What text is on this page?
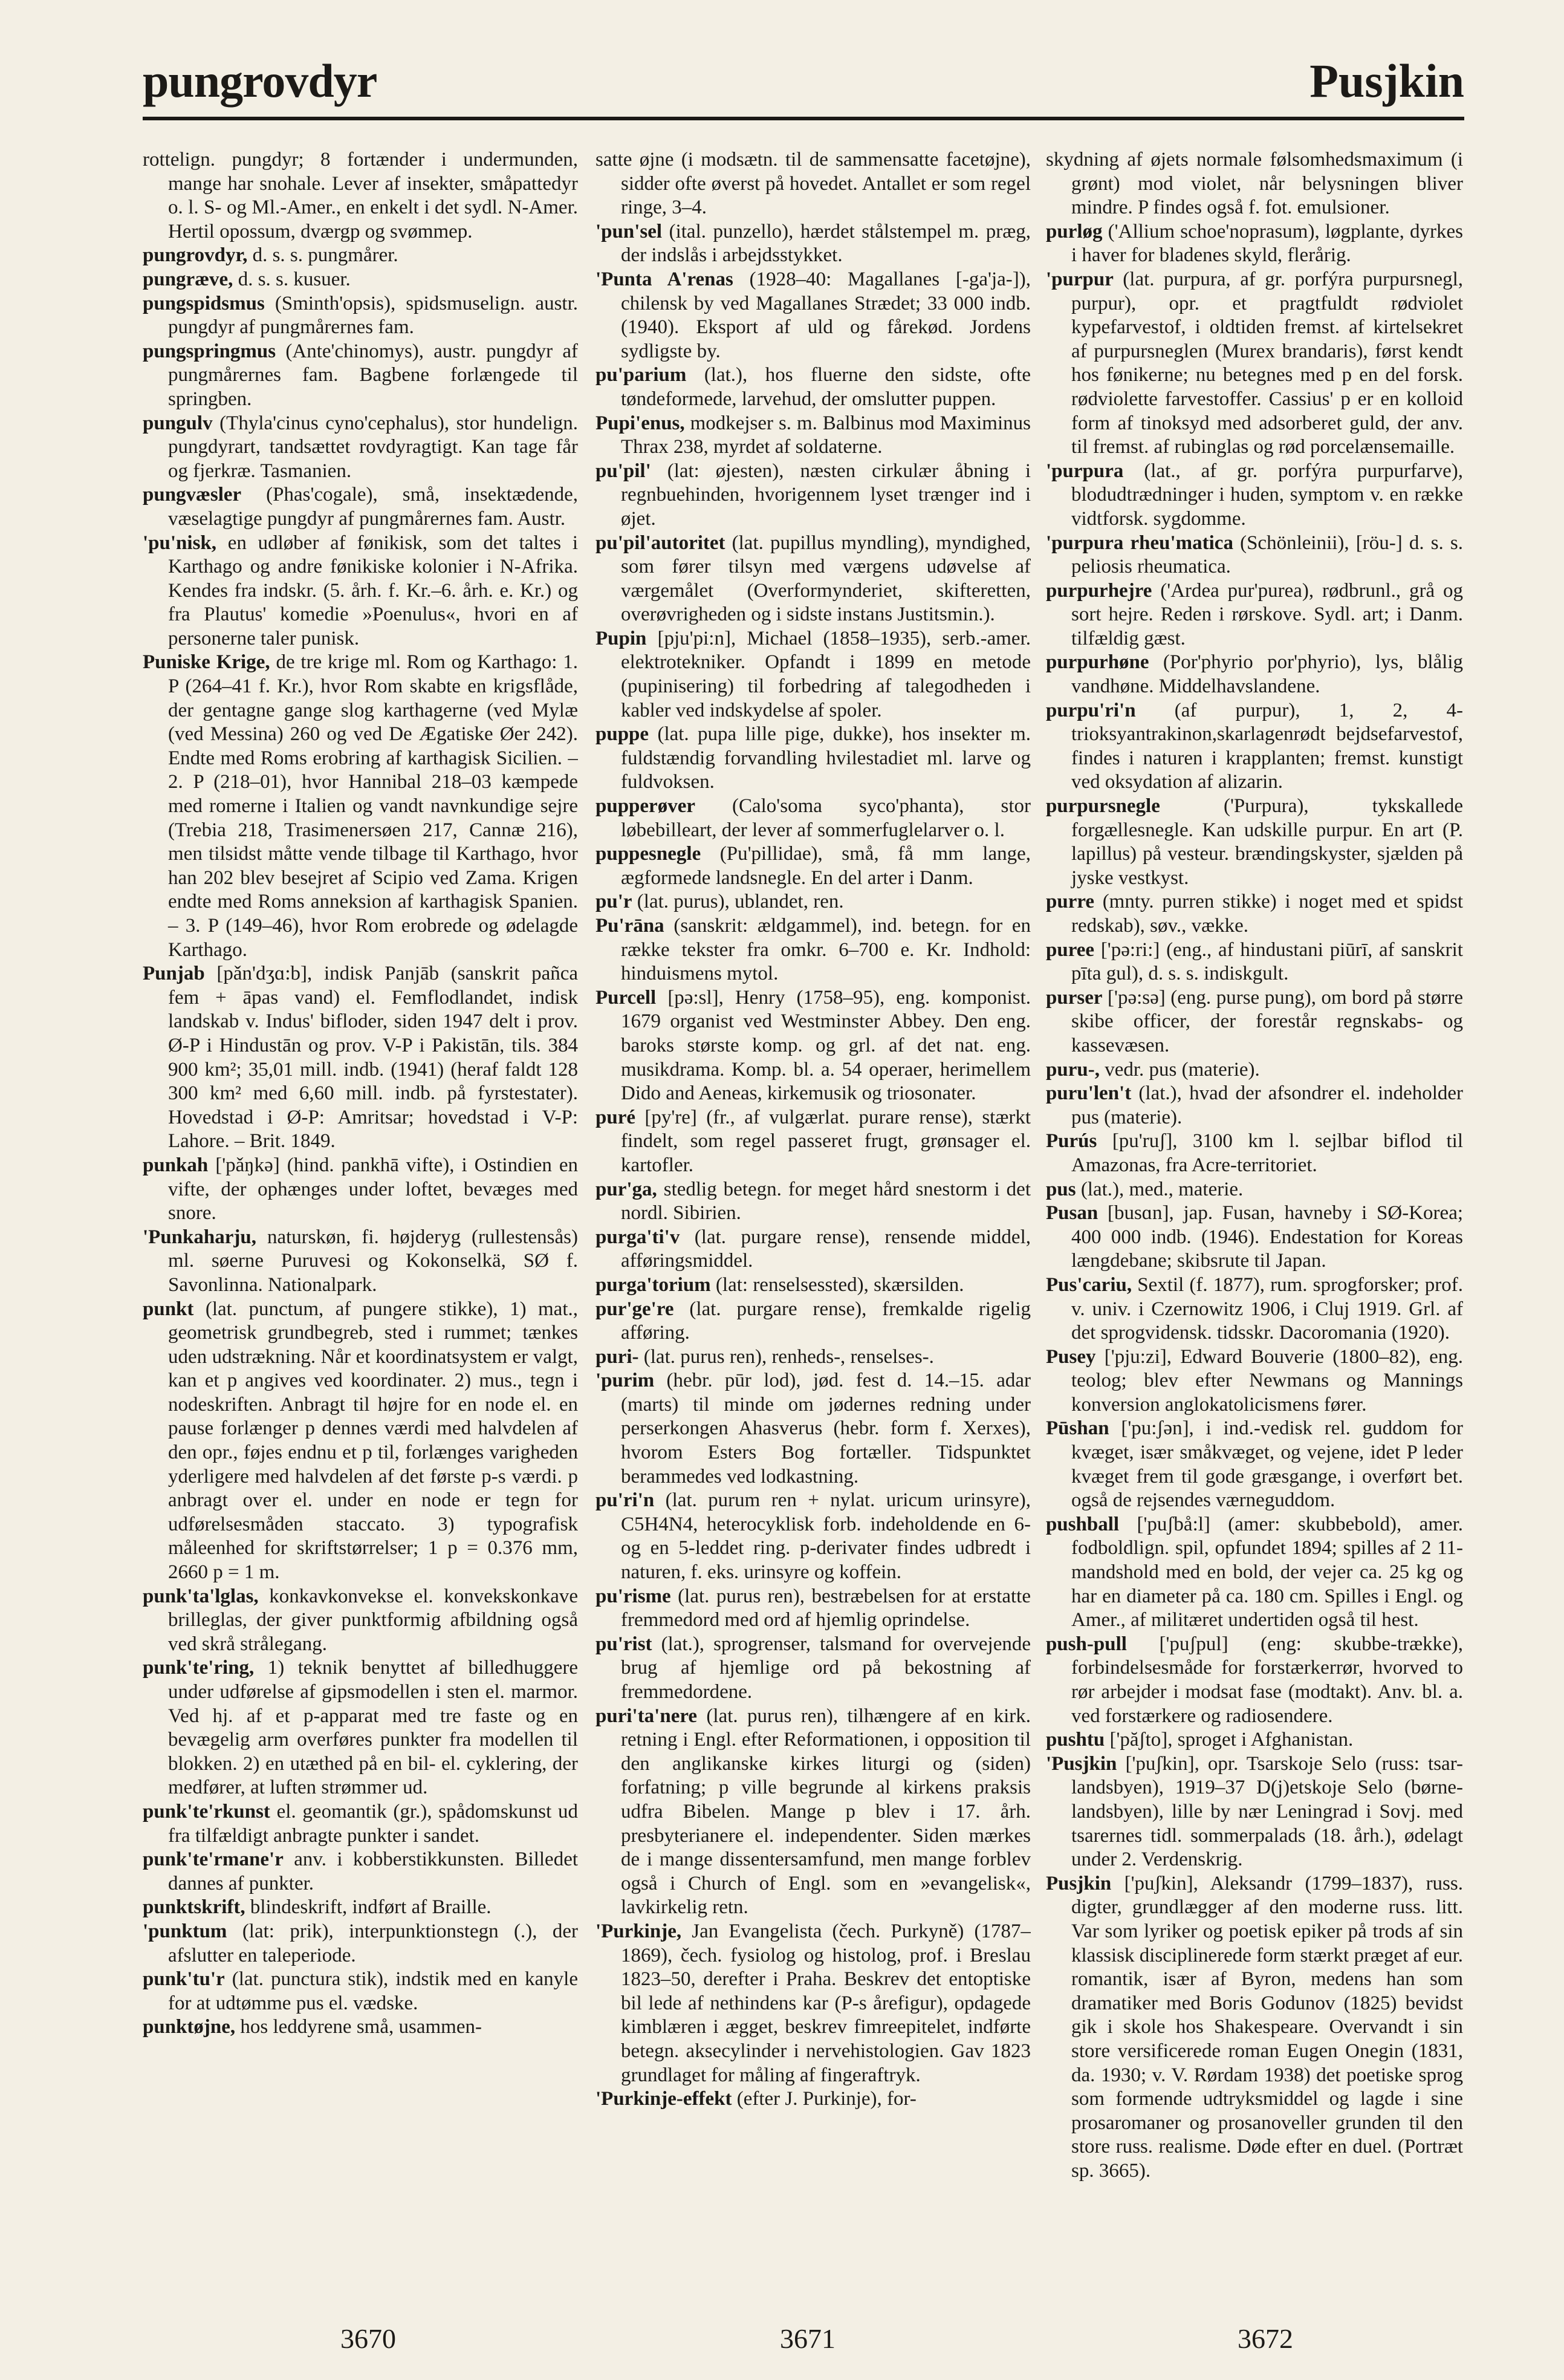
pungrovdyr	Pusjkin

rottelign. pungdyr; 8 fortænder i undermunden, mange har snohale. Lever af insekter, småpattedyr o. l. S- og Ml.-Amer., en enkelt i det sydl. N-Amer. Hertil opossum, dværgp og svømmep.

pungrovdyr, d. s. s. pungmårer.

pungræve, d. s. s. kusuer.

pungspidsmus (Sminth'opsis), spidsmuselign. austr. pungdyr af pungmårernes fam.

pungspringmus (Ante'chinomys), austr. pungdyr af pungmårernes fam. Bagbene forlængede til springben.

pungulv (Thyla'cinus cyno'cephalus), stor hundelign. pungdyrart, tandsættet rovdyragtigt. Kan tage får og fjerkræ. Tasmanien.

pungvæsler (Phas'cogale), små, insektædende, væselagtige pungdyr af pungmårernes fam. Austr.

'pu'nisk, en udløber af fønikisk, som det taltes i Karthago og andre fønikiske kolonier i N-Afrika. Kendes fra indskr. (5. årh. f. Kr.–6. årh. e. Kr.) og fra Plautus' komedie »Poenulus«, hvori en af personerne taler punisk.

Puniske Krige, de tre krige ml. Rom og Karthago: 1. P (264–41 f. Kr.), hvor Rom skabte en krigsflåde, der gentagne gange slog karthagerne (ved Mylæ (ved Messina) 260 og ved De Ægatiske Øer 242). Endte med Roms erobring af karthagisk Sicilien. – 2. P (218–01), hvor Hannibal 218–03 kæmpede med romerne i Italien og vandt navnkundige sejre (Trebia 218, Trasimenersøen 217, Cannæ 216), men tilsidst måtte vende tilbage til Karthago, hvor han 202 blev besejret af Scipio ved Zama. Krigen endte med Roms anneksion af karthagisk Spanien. – 3. P (149–46), hvor Rom erobrede og ødelagde Karthago.

Punjab [pǎn'dʒɑ:b], indisk Panjāb (sanskrit pañca fem + āpas vand) el. Femflodlandet, indisk landskab v. Indus' bifloder, siden 1947 delt i prov. Ø-P i Hindustān og prov. V-P i Pakistān, tils. 384 900 km²; 35,01 mill. indb. (1941) (heraf faldt 128 300 km² med 6,60 mill. indb. på fyrstestater). Hovedstad i Ø-P: Amritsar; hovedstad i V-P: Lahore. – Brit. 1849.

punkah ['pǎŋkə] (hind. pankhā vifte), i Ostindien en vifte, der ophænges under loftet, bevæges med snore.

'Punkaharju, naturskøn, fi. højderyg (rullestensås) ml. søerne Puruvesi og Kokonselkä, SØ f. Savonlinna. Nationalpark.

punkt (lat. punctum, af pungere stikke), 1) mat., geometrisk grundbegreb, sted i rummet; tænkes uden udstrækning. Når et koordinatsystem er valgt, kan et p angives ved koordinater. 2) mus., tegn i nodeskriften. Anbragt til højre for en node el. en pause forlænger p dennes værdi med halvdelen af den opr., føjes endnu et p til, forlænges varigheden yderligere med halvdelen af det første p-s værdi. p anbragt over el. under en node er tegn for udførelsesmåden staccato. 3) typografisk måleenhed for skriftstørrelser; 1 p = 0.376 mm, 2660 p = 1 m.

punk'ta'lglas, konkavkonvekse el. konvekskonkave brilleglas, der giver punktformig afbildning også ved skrå strålegang.

punk'te'ring, 1) teknik benyttet af billedhuggere under udførelse af gipsmodellen i sten el. marmor. Ved hj. af et p-apparat med tre faste og en bevægelig arm overføres punkter fra modellen til blokken. 2) en utæthed på en bil- el. cyklering, der medfører, at luften strømmer ud.

punk'te'rkunst el. geomantik (gr.), spådomskunst ud fra tilfældigt anbragte punkter i sandet.

punk'te'rmane'r anv. i kobberstikkunsten. Billedet dannes af punkter.

punktskrift, blindeskrift, indført af Braille.

'punktum (lat: prik), interpunktionstegn (.), der afslutter en taleperiode.

punk'tu'r (lat. punctura stik), indstik med en kanyle for at udtømme pus el. vædske.

punktøjne, hos leddyrene små, usammen-

satte øjne (i modsætn. til de sammensatte facetøjne), sidder ofte øverst på hovedet. Antallet er som regel ringe, 3–4.

'pun'sel (ital. punzello), hærdet stålstempel m. præg, der indslås i arbejdsstykket.

'Punta A'renas (1928–40: Magallanes [-ga'ja-]), chilensk by ved Magallanes Strædet; 33 000 indb. (1940). Eksport af uld og fårekød. Jordens sydligste by.

pu'parium (lat.), hos fluerne den sidste, ofte tøndeformede, larvehud, der omslutter puppen.

Pupi'enus, modkejser s. m. Balbinus mod Maximinus Thrax 238, myrdet af soldaterne.

pu'pil' (lat: øjesten), næsten cirkulær åbning i regnbuehinden, hvorigennem lyset trænger ind i øjet.

pu'pil'autoritet (lat. pupillus myndling), myndighed, som fører tilsyn med værgens udøvelse af værgemålet (Overformynderiet, skifteretten, overøvrigheden og i sidste instans Justitsmin.).

Pupin [pju'pi:n], Michael (1858–1935), serb.-amer. elektrotekniker. Opfandt i 1899 en metode (pupinisering) til forbedring af talegodheden i kabler ved indskydelse af spoler.

puppe (lat. pupa lille pige, dukke), hos insekter m. fuldstændig forvandling hvilestadiet ml. larve og fuldvoksen.

pupperøver (Calo'soma syco'phanta), stor løbebilleart, der lever af sommerfuglelarver o. l.

puppesnegle (Pu'pillidae), små, få mm lange, ægformede landsnegle. En del arter i Danm.

pu'r (lat. purus), ublandet, ren.

Pu'rāna (sanskrit: ældgammel), ind. betegn. for en række tekster fra omkr. 6–700 e. Kr. Indhold: hinduismens mytol.

Purcell [pə:sl], Henry (1758–95), eng. komponist. 1679 organist ved Westminster Abbey. Den eng. baroks største komp. og grl. af det nat. eng. musikdrama. Komp. bl. a. 54 operaer, herimellem Dido and Aeneas, kirkemusik og triosonater.

puré [py're] (fr., af vulgærlat. purare rense), stærkt findelt, som regel passeret frugt, grønsager el. kartofler.

pur'ga, stedlig betegn. for meget hård snestorm i det nordl. Sibirien.

purga'ti'v (lat. purgare rense), rensende middel, afføringsmiddel.

purga'torium (lat: renselsessted), skærsilden.

pur'ge're (lat. purgare rense), fremkalde rigelig afføring.

puri- (lat. purus ren), renheds-, renselses-.

'purim (hebr. pūr lod), jød. fest d. 14.–15. adar (marts) til minde om jødernes redning under perserkongen Ahasverus (hebr. form f. Xerxes), hvorom Esters Bog fortæller. Tidspunktet berammedes ved lodkastning.

pu'ri'n (lat. purum ren + nylat. uricum urinsyre), C5H4N4, heterocyklisk forb. indeholdende en 6- og en 5-leddet ring. p-derivater findes udbredt i naturen, f. eks. urinsyre og koffein.

pu'risme (lat. purus ren), bestræbelsen for at erstatte fremmedord med ord af hjemlig oprindelse.

pu'rist (lat.), sprogrenser, talsmand for overvejende brug af hjemlige ord på bekostning af fremmedordene.

puri'ta'nere (lat. purus ren), tilhængere af en kirk. retning i Engl. efter Reformationen, i opposition til den anglikanske kirkes liturgi og (siden) forfatning; p ville begrunde al kirkens praksis udfra Bibelen. Mange p blev i 17. årh. presbyterianere el. independenter. Siden mærkes de i mange dissentersamfund, men mange forblev også i Church of Engl. som en »evangelisk«, lavkirkelig retn.

'Purkinje, Jan Evangelista (čech. Purkyně) (1787–1869), čech. fysiolog og histolog, prof. i Breslau 1823–50, derefter i Praha. Beskrev det entoptiske bil lede af nethindens kar (P-s årefigur), opdagede kimblæren i ægget, beskrev fimreepitelet, indførte betegn. aksecylinder i nervehistologien. Gav 1823 grundlaget for måling af fingeraftryk.

'Purkinje-effekt (efter J. Purkinje), for-

skydning af øjets normale følsomhedsmaximum (i grønt) mod violet, når belysningen bliver mindre. P findes også f. fot. emulsioner.

purløg ('Allium schoe'noprasum), løgplante, dyrkes i haver for bladenes skyld, flerårig.

'purpur (lat. purpura, af gr. porfýra purpursnegl, purpur), opr. et pragtfuldt rødviolet kypefarvestof, i oldtiden fremst. af kirtelsekret af purpursneglen (Murex brandaris), først kendt hos fønikerne; nu betegnes med p en del forsk. rødviolette farvestoffer. Cassius' p er en kolloid form af tinoksyd med adsorberet guld, der anv. til fremst. af rubinglas og rød porcelænsemaille.

'purpura (lat., af gr. porfýra purpurfarve), blodudtrædninger i huden, symptom v. en række vidtforsk. sygdomme.

'purpura rheu'matica (Schönleinii), [röu-] d. s. s. peliosis rheumatica.

purpurhejre ('Ardea pur'purea), rødbrunl., grå og sort hejre. Reden i rørskove. Sydl. art; i Danm. tilfældig gæst.

purpurhøne (Por'phyrio por'phyrio), lys, blålig vandhøne. Middelhavslandene.

purpu'ri'n (af purpur), 1, 2, 4-trioksyantrakinon,skarlagenrødt bejdsefarvestof, findes i naturen i krapplanten; fremst. kunstigt ved oksydation af alizarin.

purpursnegle	('Purpura), tykskallede forgællesnegle. Kan udskille purpur. En art (P. lapillus) på vesteur. brændingskyster, sjælden på jyske vestkyst.

purre (mnty. purren stikke) i noget med et spidst redskab), søv., vække.

puree ['pə:ri:] (eng., af hindustani piūrī, af sanskrit pīta gul), d. s. s. indiskgult.

purser ['pə:sə] (eng. purse pung), om bord på større skibe officer, der forestår regnskabs- og kassevæsen.

puru-, vedr. pus (materie).

puru'len't (lat.), hvad der afsondrer el. indeholder pus (materie).

Purús [pu'ruʃ], 3100 km l. sejlbar biflod til Amazonas, fra Acre-territoriet.

pus (lat.), med., materie.

Pusan [busɑn], jap. Fusan, havneby i SØ-Korea; 400 000 indb. (1946). Endestation for Koreas længdebane; skibsrute til Japan.

Pus'cariu, Sextil (f. 1877), rum. sprogforsker; prof. v. univ. i Czernowitz 1906, i Cluj 1919. Grl. af det sprogvidensk. tidsskr. Dacoromania (1920).

Pusey ['pju:zi], Edward Bouverie (1800–82), eng. teolog; blev efter Newmans og Mannings konversion anglokatolicismens fører.

Pūshan ['pu:ʃən], i ind.-vedisk rel. guddom for kvæget, især småkvæget, og vejene, idet P leder kvæget frem til gode græsgange, i overført bet. også de rejsendes værneguddom.

pushball ['puʃbå:l] (amer: skubbebold), amer. fodboldlign. spil, opfundet 1894; spilles af 2 11-mandshold med en bold, der vejer ca. 25 kg og har en diameter på ca. 180 cm. Spilles i Engl. og Amer., af militæret undertiden også til hest.

push-pull ['puʃpul] (eng: skubbe-trække), forbindelsesmåde for forstærkerrør, hvorved to rør arbejder i modsat fase (modtakt). Anv. bl. a. ved forstærkere og radiosendere.

pushtu ['păʃto], sproget i Afghanistan.

'Pusjkin ['puʃkin], opr. Tsarskoje Selo (russ: tsar-landsbyen), 1919–37 D(j)etskoje Selo (børne-landsbyen), lille by nær Leningrad i Sovj. med tsarernes tidl. sommerpalads (18. årh.), ødelagt under 2. Verdenskrig.

Pusjkin ['puʃkin], Aleksandr (1799–1837), russ. digter, grundlægger af den moderne russ. litt. Var som lyriker og poetisk epiker på trods af sin klassisk disciplinerede form stærkt præget af eur. romantik, især af Byron, medens han som dramatiker med Boris Godunov (1825) bevidst gik i skole hos Shakespeare. Overvandt i sin store versificerede roman Eugen Onegin (1831, da. 1930; v. V. Rørdam 1938) det poetiske sprog som formende udtryksmiddel og lagde i sine prosaromaner og prosanoveller grunden til den store russ. realisme. Døde efter en duel. (Portræt sp. 3665).

3670	3671	3672
